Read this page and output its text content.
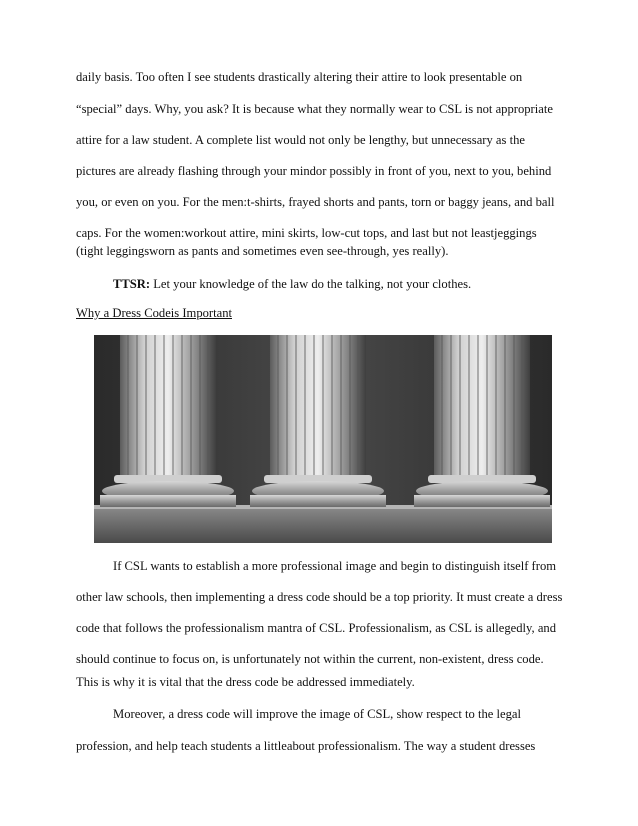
daily basis. Too often I see students drastically altering their attire to look presentable on
“special” days. Why, you ask? It is because what they normally wear to CSL is not appropriate
attire for a law student. A complete list would not only be lengthy, but unnecessary as the
pictures are already flashing through your mindor possibly in front of you, next to you, behind
you, or even on you. For the men:t-shirts, frayed shorts and pants, torn or baggy jeans, and ball
caps. For the women:workout attire, mini skirts, low-cut tops, and last but not leastjeggings
(tight leggingsworn as pants and sometimes even see-through, yes really).
TTSR: Let your knowledge of the law do the talking, not your clothes.
Why a Dress Codeis Important
If CSL wants to establish a more professional image and begin to distinguish itself from
other law schools, then implementing a dress code should be a top priority. It must create a dress
code that follows the professionalism mantra of CSL. Professionalism, as CSL is allegedly, and
should continue to focus on, is unfortunately not within the current, non-existent, dress code.
This is why it is vital that the dress code be addressed immediately.
Moreover, a dress code will improve the image of CSL, show respect to the legal
profession, and help teach students a littleabout professionalism. The way a student dresses
